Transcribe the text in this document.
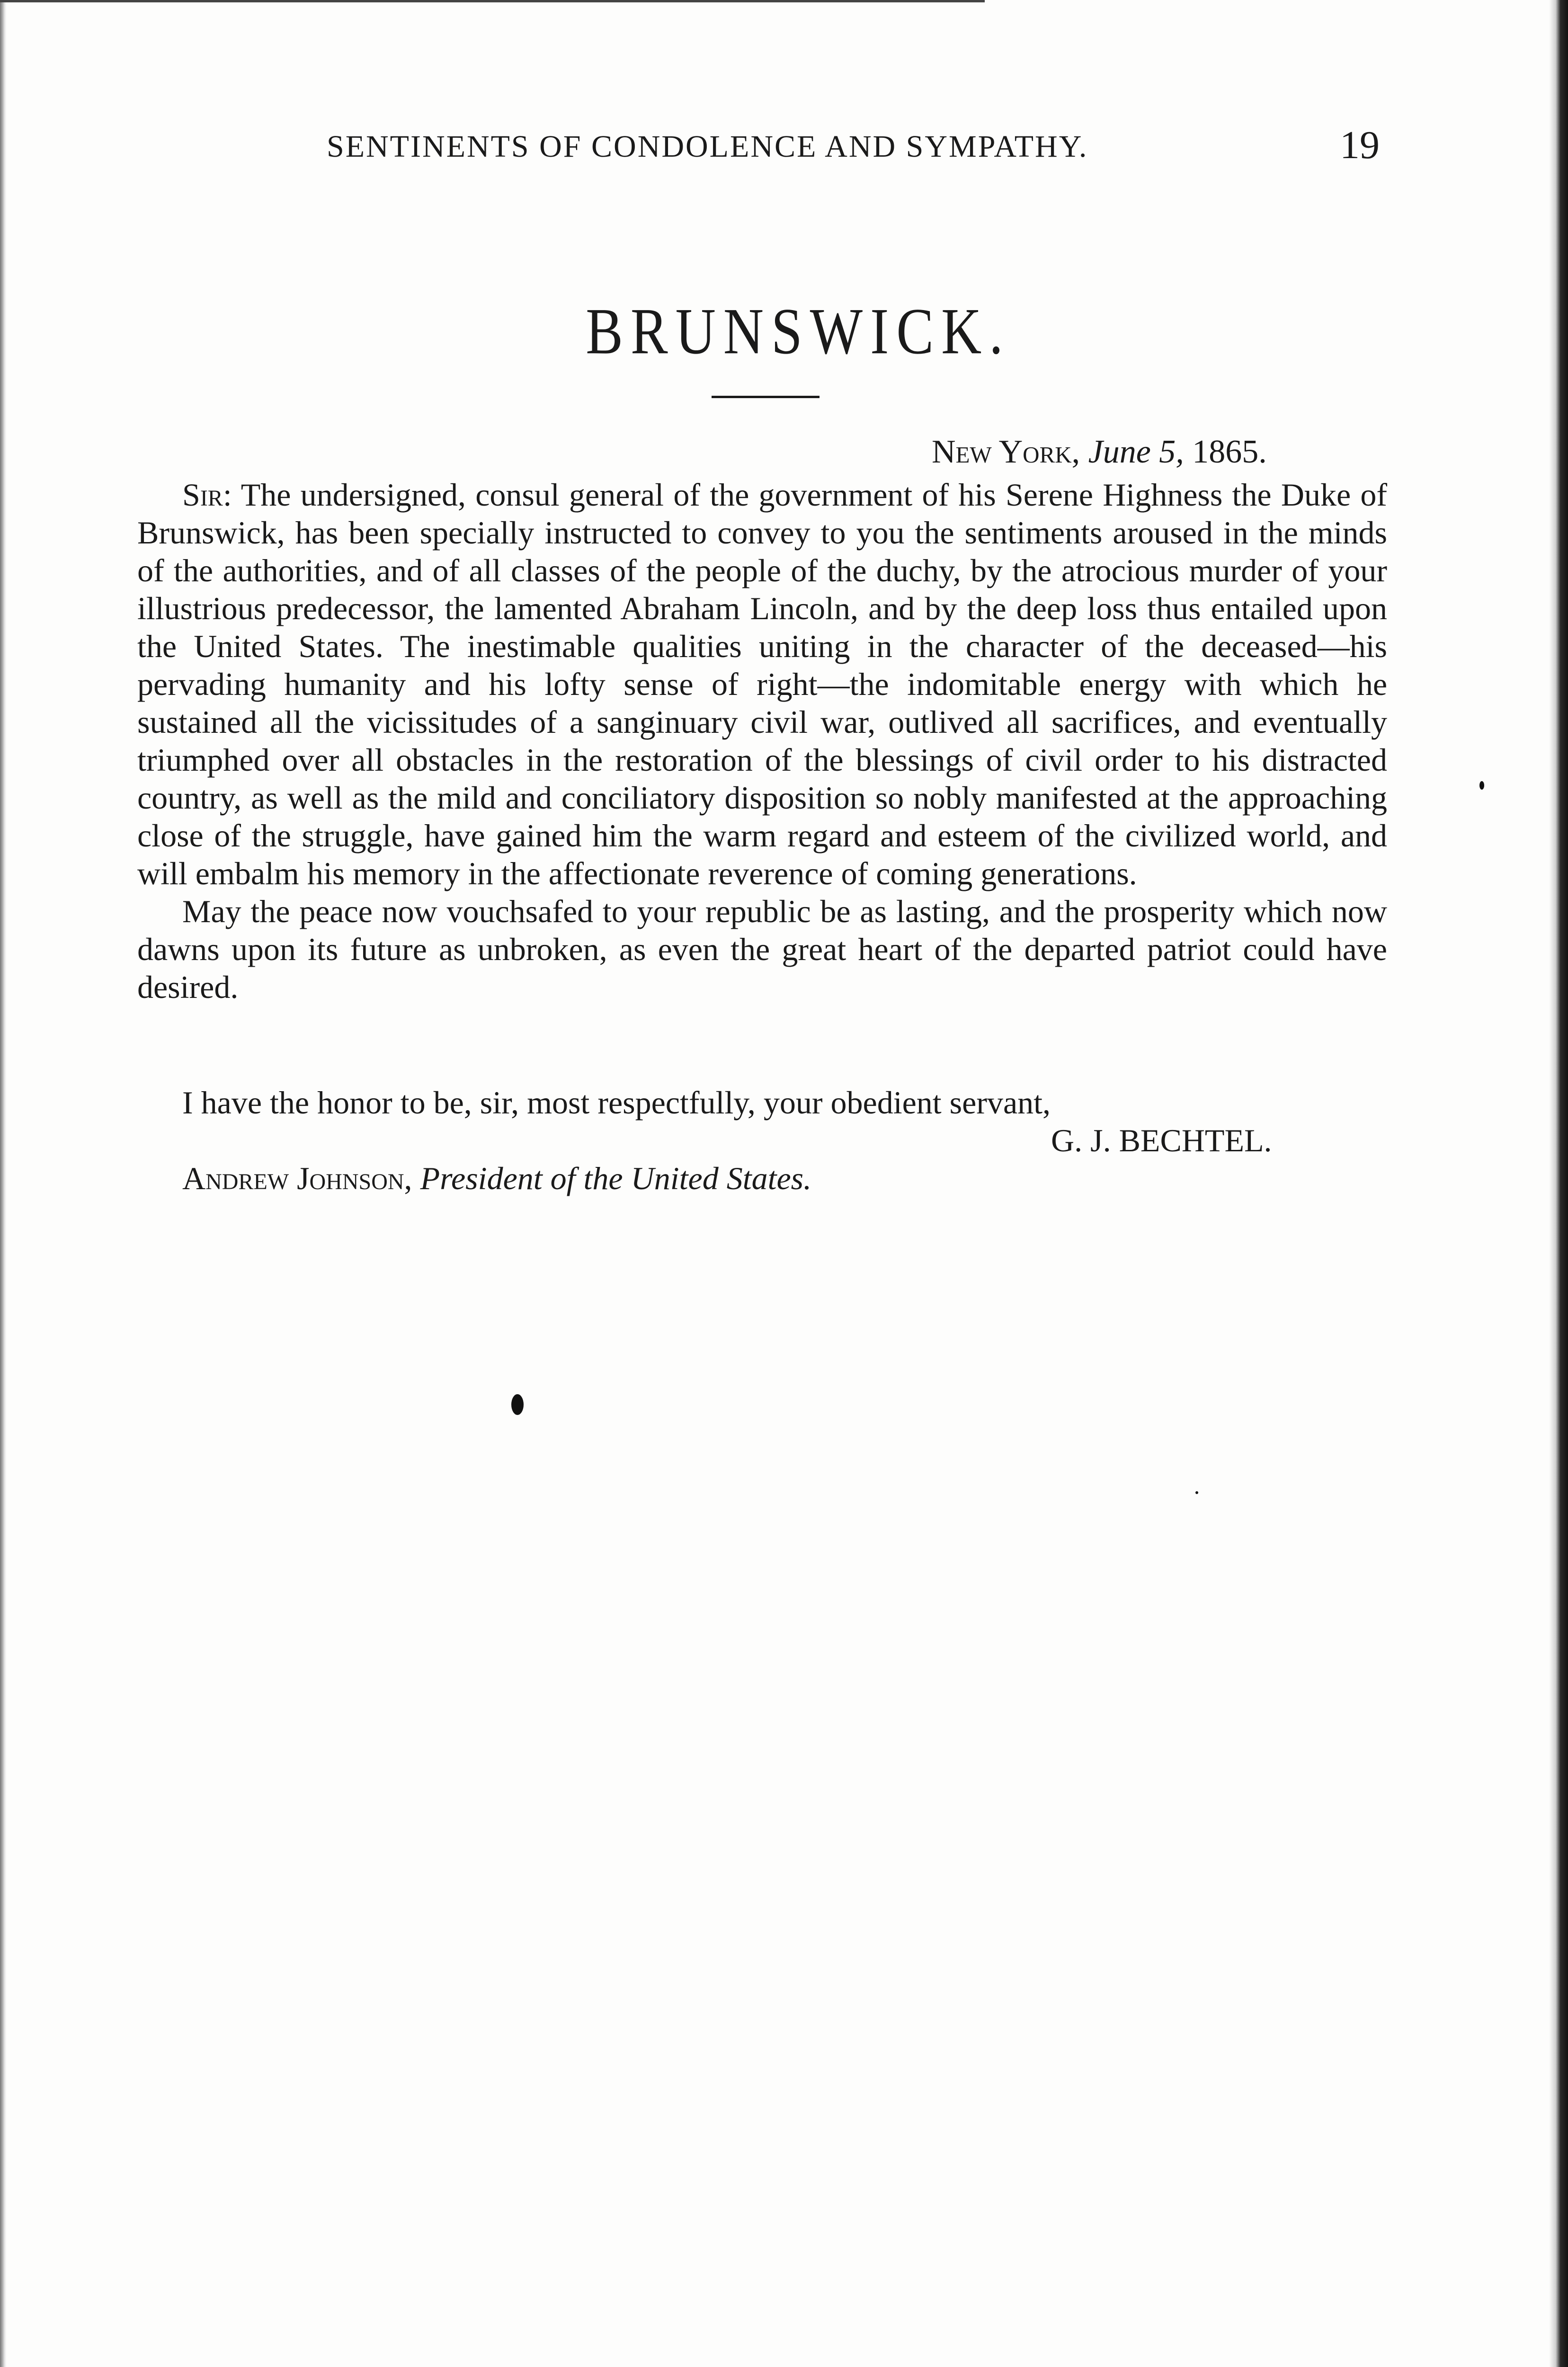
SENTINENTS OF CONDOLENCE AND SYMPATHY.	19
BRUNSWICK.
New York, June 5, 1865.

Sir: The undersigned, consul general of the government of his Serene Highness the Duke of Brunswick, has been specially instructed to convey to you the sentiments aroused in the minds of the authorities, and of all classes of the people of the duchy, by the atrocious murder of your illustrious predecessor, the lamented Abraham Lincoln, and by the deep loss thus entailed upon the United States. The inestimable qualities uniting in the character of the deceased—his pervading humanity and his lofty sense of right—the indomitable energy with which he sustained all the vicissitudes of a sanginuary civil war, outlived all sacrifices, and eventually triumphed over all obstacles in the restoration of the blessings of civil order to his distracted country, as well as the mild and conciliatory disposition so nobly manifested at the approaching close of the struggle, have gained him the warm regard and esteem of the civilized world, and will embalm his memory in the affectionate reverence of coming generations.

May the peace now vouchsafed to your republic be as lasting, and the prosperity which now dawns upon its future as unbroken, as even the great heart of the departed patriot could have desired.

I have the honor to be, sir, most respectfully, your obedient servant,
G. J. BECHTEL.
Andrew Johnson, President of the United States.
